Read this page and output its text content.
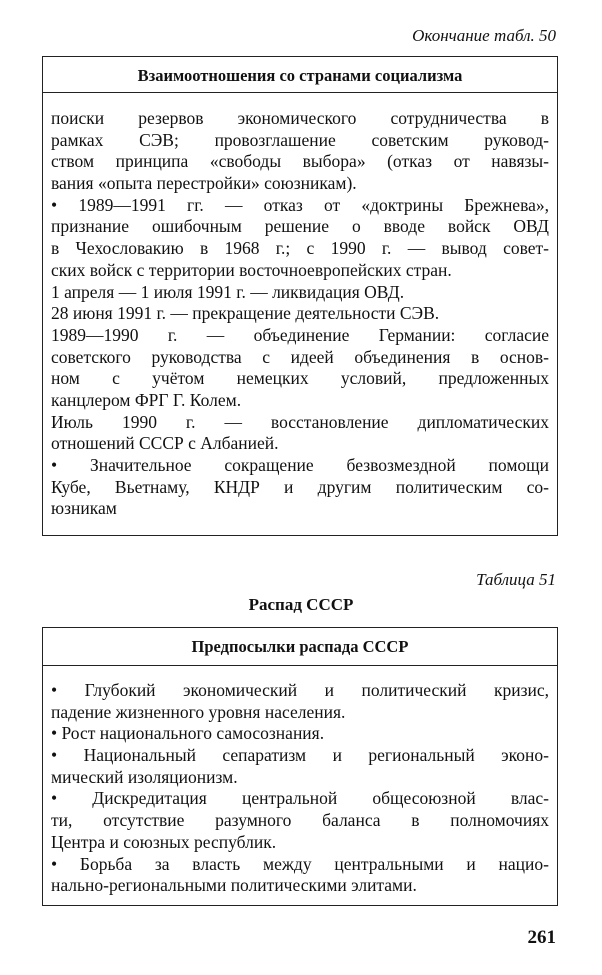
Окончание табл. 50
Взаимоотношения со странами социализма
поиски резервов экономического сотрудничества в
рамках СЭВ; провозглашение советским руковод-
ством принципа «свободы выбора» (отказ от навязы-
вания «опыта перестройки» союзникам).
• 1989—1991 гг. — отказ от «доктрины Брежнева»,
признание ошибочным решение о вводе войск ОВД
в Чехословакию в 1968 г.; с 1990 г. — вывод совет-
ских войск с территории восточноевропейских стран.
1 апреля — 1 июля 1991 г. — ликвидация ОВД.
28 июня 1991 г. — прекращение деятельности СЭВ.
1989—1990 г. — объединение Германии: согласие
советского руководства с идеей объединения в основ-
ном с учётом немецких условий, предложенных
канцлером ФРГ Г. Колем.
Июль 1990 г. — восстановление дипломатических
отношений СССР с Албанией.
• Значительное сокращение безвозмездной помощи
Кубе, Вьетнаму, КНДР и другим политическим со-
юзникам
Таблица 51
Распад СССР
Предпосылки распада СССР
• Глубокий экономический и политический кризис,
падение жизненного уровня населения.
• Рост национального самосознания.
• Национальный сепаратизм и региональный эконо-
мический изоляционизм.
• Дискредитация центральной общесоюзной влас-
ти, отсутствие разумного баланса в полномочиях
Центра и союзных республик.
• Борьба за власть между центральными и нацио-
нально-региональными политическими элитами.
261
